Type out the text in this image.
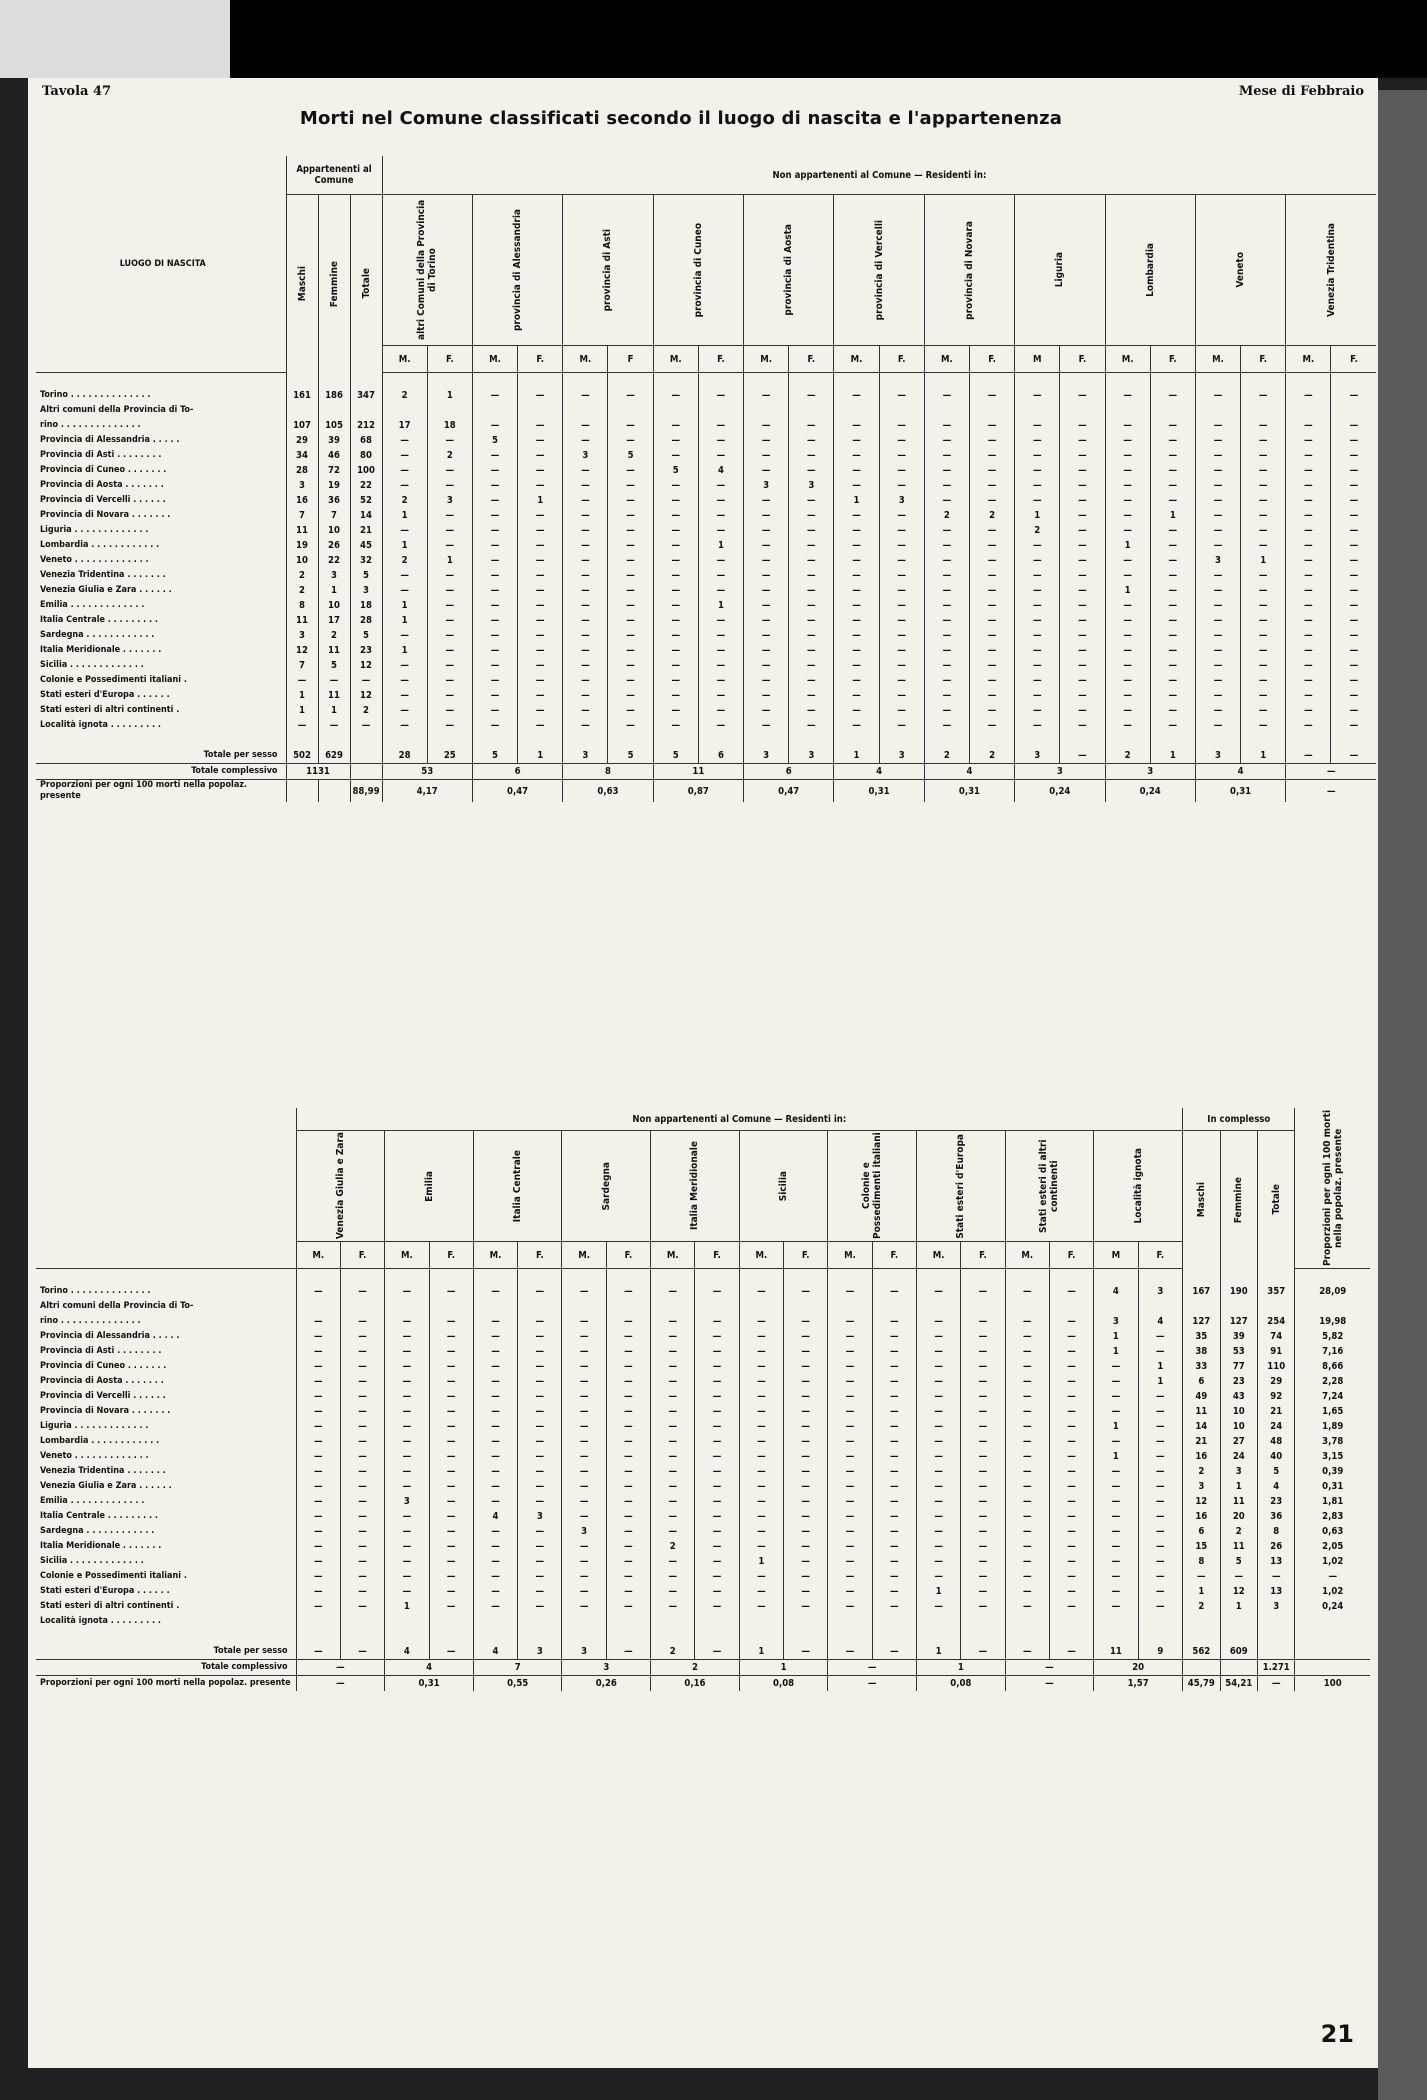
Tavola 47	Mese di Febbraio
Morti nel Comune classificati secondo il luogo di nascita e l'appartenenza
LUOGO DI NASCITA	Appartenenti al Comune			Non appartenenti al Comune — Residenti in:																					

	Maschi	Femmine	Totale	altri Comuni della Provincia di Torino		provincia di Alessandria		provincia di Asti		provincia di Cuneo		provincia di Aosta		provincia di Vercelli		provincia di Novara		Liguria		Lombardia		Veneto		Venezia Tridentina	

				M.	F.	M.	F.	M.	F	M.	F.	M.	F.	M.	F.	M.	F.	M	F.	M.	F.	M.	F.	M.	F.

Torino . . . . . . . . . . . . . .	161	186	347	2	1	—	—	—	—	—	—	—	—	—	—	—	—	—	—	—	—	—	—	—	—
Altri comuni della Provincia di To-																									
rino . . . . . . . . . . . . . .	107	105	212	17	18	—	—	—	—	—	—	—	—	—	—	—	—	—	—	—	—	—	—	—	—
Provincia di Alessandria . . . . .	29	39	68	—	—	5	—	—	—	—	—	—	—	—	—	—	—	—	—	—	—	—	—	—	—
Provincia di Asti . . . . . . . .	34	46	80	—	2	—	—	3	5	—	—	—	—	—	—	—	—	—	—	—	—	—	—	—	—
Provincia di Cuneo . . . . . . .	28	72	100	—	—	—	—	—	—	5	4	—	—	—	—	—	—	—	—	—	—	—	—	—	—
Provincia di Aosta . . . . . . .	3	19	22	—	—	—	—	—	—	—	—	3	3	—	—	—	—	—	—	—	—	—	—	—	—
Provincia di Vercelli . . . . . .	16	36	52	2	3	—	1	—	—	—	—	—	—	1	3	—	—	—	—	—	—	—	—	—	—
Provincia di Novara . . . . . . .	7	7	14	1	—	—	—	—	—	—	—	—	—	—	—	2	2	1	—	—	1	—	—	—	—
Liguria . . . . . . . . . . . . .	11	10	21	—	—	—	—	—	—	—	—	—	—	—	—	—	—	2	—	—	—	—	—	—	—
Lombardia . . . . . . . . . . . .	19	26	45	1	—	—	—	—	—	—	1	—	—	—	—	—	—	—	—	1	—	—	—	—	—
Veneto . . . . . . . . . . . . .	10	22	32	2	1	—	—	—	—	—	—	—	—	—	—	—	—	—	—	—	—	3	1	—	—
Venezia Tridentina . . . . . . .	2	3	5	—	—	—	—	—	—	—	—	—	—	—	—	—	—	—	—	—	—	—	—	—	—
Venezia Giulia e Zara . . . . . .	2	1	3	—	—	—	—	—	—	—	—	—	—	—	—	—	—	—	—	1	—	—	—	—	—
Emilia . . . . . . . . . . . . .	8	10	18	1	—	—	—	—	—	—	1	—	—	—	—	—	—	—	—	—	—	—	—	—	—
Italia Centrale . . . . . . . . .	11	17	28	1	—	—	—	—	—	—	—	—	—	—	—	—	—	—	—	—	—	—	—	—	—
Sardegna . . . . . . . . . . . .	3	2	5	—	—	—	—	—	—	—	—	—	—	—	—	—	—	—	—	—	—	—	—	—	—
Italia Meridionale . . . . . . .	12	11	23	1	—	—	—	—	—	—	—	—	—	—	—	—	—	—	—	—	—	—	—	—	—
Sicilia . . . . . . . . . . . . .	7	5	12	—	—	—	—	—	—	—	—	—	—	—	—	—	—	—	—	—	—	—	—	—	—
Colonie e Possedimenti italiani .	—	—	—	—	—	—	—	—	—	—	—	—	—	—	—	—	—	—	—	—	—	—	—	—	—
Stati esteri d'Europa . . . . . .	1	11	12	—	—	—	—	—	—	—	—	—	—	—	—	—	—	—	—	—	—	—	—	—	—
Stati esteri di altri continenti .	1	1	2	—	—	—	—	—	—	—	—	—	—	—	—	—	—	—	—	—	—	—	—	—	—
Località ignota . . . . . . . . .	—	—	—	—	—	—	—	—	—	—	—	—	—	—	—	—	—	—	—	—	—	—	—	—	—

Totale per sesso	502	629		28	25	5	1	3	5	5	6	3	3	1	3	2	2	3	—	2	1	3	1	—	—
Totale complessivo	1131			53		6		8		11		6		4		4		3		3		4		—	
Proporzioni per ogni 100 morti nella popolaz. presente			88,99	4,17		0,47		0,63		0,87		0,47		0,31		0,31		0,24		0,24		0,31		—	
	Non appartenenti al Comune — Residenti in:																				In complesso			Proporzioni per ogni 100 morti nella popolaz. presente

	Venezia Giulia e Zara		Emilia		Italia Centrale		Sardegna		Italia Meridionale		Sicilia		Colonie e Possedimenti italiani		Stati esteri d'Europa		Stati esteri di altri continenti		Località ignota		Maschi	Femmine	Totale	

	M.	F.	M.	F.	M.	F.	M.	F.	M.	F.	M.	F.	M.	F.	M.	F.	M.	F.	M	F.				

Torino . . . . . . . . . . . . . .	—	—	—	—	—	—	—	—	—	—	—	—	—	—	—	—	—	—	4	3	167	190	357	28,09
Altri comuni della Provincia di To-																								
rino . . . . . . . . . . . . . .	—	—	—	—	—	—	—	—	—	—	—	—	—	—	—	—	—	—	3	4	127	127	254	19,98
Provincia di Alessandria . . . . .	—	—	—	—	—	—	—	—	—	—	—	—	—	—	—	—	—	—	1	—	35	39	74	5,82
Provincia di Asti . . . . . . . .	—	—	—	—	—	—	—	—	—	—	—	—	—	—	—	—	—	—	1	—	38	53	91	7,16
Provincia di Cuneo . . . . . . .	—	—	—	—	—	—	—	—	—	—	—	—	—	—	—	—	—	—	—	1	33	77	110	8,66
Provincia di Aosta . . . . . . .	—	—	—	—	—	—	—	—	—	—	—	—	—	—	—	—	—	—	—	1	6	23	29	2,28
Provincia di Vercelli . . . . . .	—	—	—	—	—	—	—	—	—	—	—	—	—	—	—	—	—	—	—	—	49	43	92	7,24
Provincia di Novara . . . . . . .	—	—	—	—	—	—	—	—	—	—	—	—	—	—	—	—	—	—	—	—	11	10	21	1,65
Liguria . . . . . . . . . . . . .	—	—	—	—	—	—	—	—	—	—	—	—	—	—	—	—	—	—	1	—	14	10	24	1,89
Lombardia . . . . . . . . . . . .	—	—	—	—	—	—	—	—	—	—	—	—	—	—	—	—	—	—	—	—	21	27	48	3,78
Veneto . . . . . . . . . . . . .	—	—	—	—	—	—	—	—	—	—	—	—	—	—	—	—	—	—	1	—	16	24	40	3,15
Venezia Tridentina . . . . . . .	—	—	—	—	—	—	—	—	—	—	—	—	—	—	—	—	—	—	—	—	2	3	5	0,39
Venezia Giulia e Zara . . . . . .	—	—	—	—	—	—	—	—	—	—	—	—	—	—	—	—	—	—	—	—	3	1	4	0,31
Emilia . . . . . . . . . . . . .	—	—	3	—	—	—	—	—	—	—	—	—	—	—	—	—	—	—	—	—	12	11	23	1,81
Italia Centrale . . . . . . . . .	—	—	—	—	4	3	—	—	—	—	—	—	—	—	—	—	—	—	—	—	16	20	36	2,83
Sardegna . . . . . . . . . . . .	—	—	—	—	—	—	3	—	—	—	—	—	—	—	—	—	—	—	—	—	6	2	8	0,63
Italia Meridionale . . . . . . .	—	—	—	—	—	—	—	—	2	—	—	—	—	—	—	—	—	—	—	—	15	11	26	2,05
Sicilia . . . . . . . . . . . . .	—	—	—	—	—	—	—	—	—	—	1	—	—	—	—	—	—	—	—	—	8	5	13	1,02
Colonie e Possedimenti italiani .	—	—	—	—	—	—	—	—	—	—	—	—	—	—	—	—	—	—	—	—	—	—	—	—
Stati esteri d'Europa . . . . . .	—	—	—	—	—	—	—	—	—	—	—	—	—	—	1	—	—	—	—	—	1	12	13	1,02
Stati esteri di altri continenti .	—	—	1	—	—	—	—	—	—	—	—	—	—	—	—	—	—	—	—	—	2	1	3	0,24
Località ignota . . . . . . . . .																								

Totale per sesso	—	—	4	—	4	3	3	—	2	—	1	—	—	—	1	—	—	—	11	9	562	609		
Totale complessivo	—		4		7		3		2		1		—		1		—		20				1.271	
Proporzioni per ogni 100 morti nella popolaz. presente	—		0,31		0,55		0,26		0,16		0,08		—		0,08		—		1,57		45,79	54,21	—	100
21
